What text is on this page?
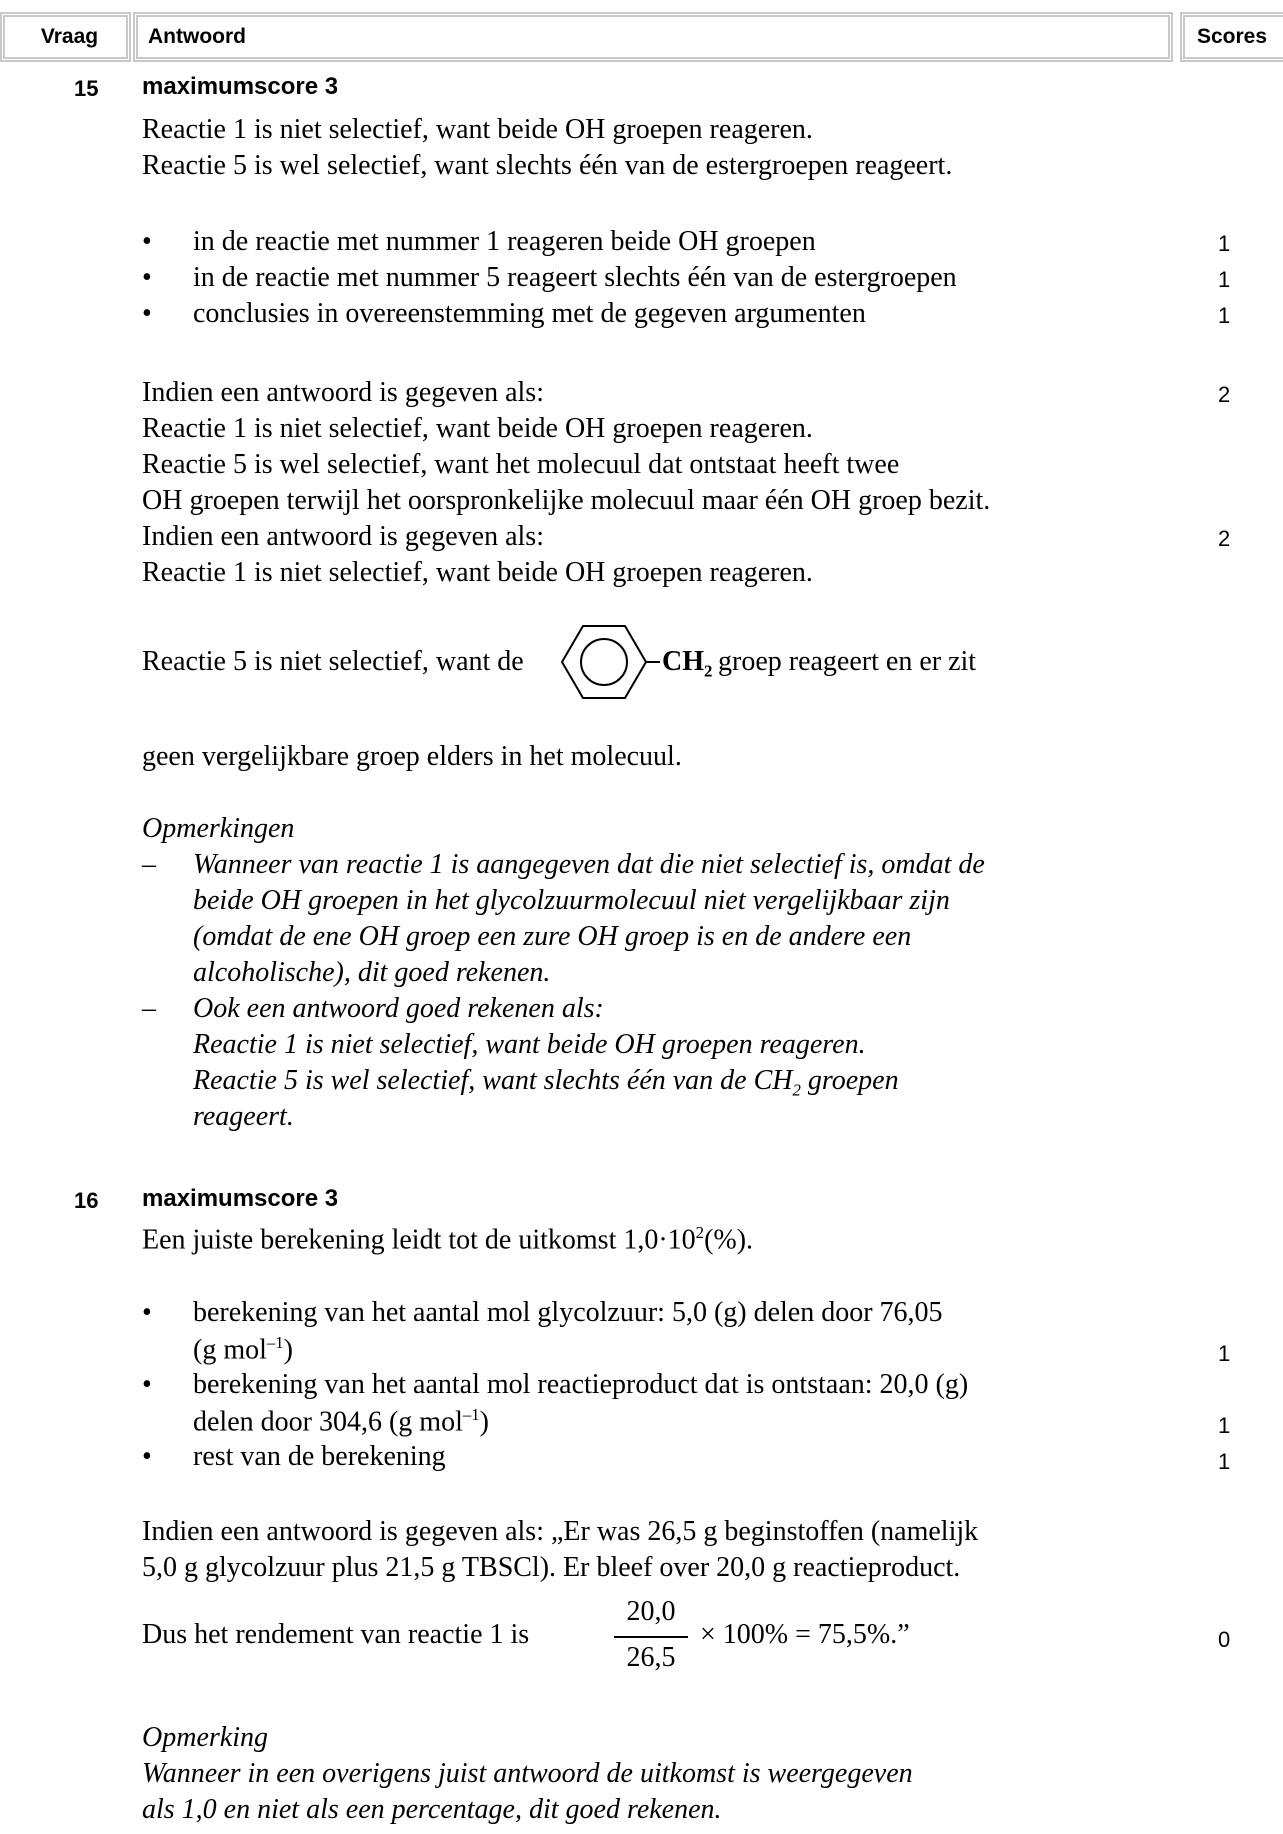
Vraag	Antwoord	Scores
15 maximumscore 3
Reactie 1 is niet selectief, want beide OH groepen reageren.
Reactie 5 is wel selectief, want slechts één van de estergroepen reageert.
• in de reactie met nummer 1 reageren beide OH groepen	1
• in de reactie met nummer 5 reageert slechts één van de estergroepen	1
• conclusies in overeenstemming met de gegeven argumenten	1
Indien een antwoord is gegeven als:	2
Reactie 1 is niet selectief, want beide OH groepen reageren.
Reactie 5 is wel selectief, want het molecuul dat ontstaat heeft twee
OH groepen terwijl het oorspronkelijke molecuul maar één OH groep bezit.
Indien een antwoord is gegeven als:	2
Reactie 1 is niet selectief, want beide OH groepen reageren.
Reactie 5 is niet selectief, want de	$CH_2$ groep reageert en er zit
geen vergelijkbare groep elders in het molecuul.
Opmerkingen
– Wanneer van reactie 1 is aangegeven dat die niet selectief is, omdat de
beide OH groepen in het glycolzuurmolecuul niet vergelijkbaar zijn
(omdat de ene OH groep een zure OH groep is en de andere een
alcoholische), dit goed rekenen.
– Ook een antwoord goed rekenen als:
Reactie 1 is niet selectief, want beide OH groepen reageren.
Reactie 5 is wel selectief, want slechts één van de $CH_2$ groepen
reageert.
16 maximumscore 3
Een juiste berekening leidt tot de uitkomst $1,0\cdot 10^2(\%)$.
• berekening van het aantal mol glycolzuur: 5,0 (g) delen door 76,05
(g mol$^{-1}$)	1
• berekening van het aantal mol reactieproduct dat is ontstaan: 20,0 (g)
delen door 304,6 (g mol$^{-1}$)	1
• rest van de berekening	1
Indien een antwoord is gegeven als: „Er was 26,5 g beginstoffen (namelijk
5,0 g glycolzuur plus 21,5 g TBSCl). Er bleef over 20,0 g reactieproduct.
Dus het rendement van reactie 1 is
20,0
26,5
× 100% = 75,5%.”	0
Opmerking
Wanneer in een overigens juist antwoord de uitkomst is weergegeven
als 1,0 en niet als een percentage, dit goed rekenen.
